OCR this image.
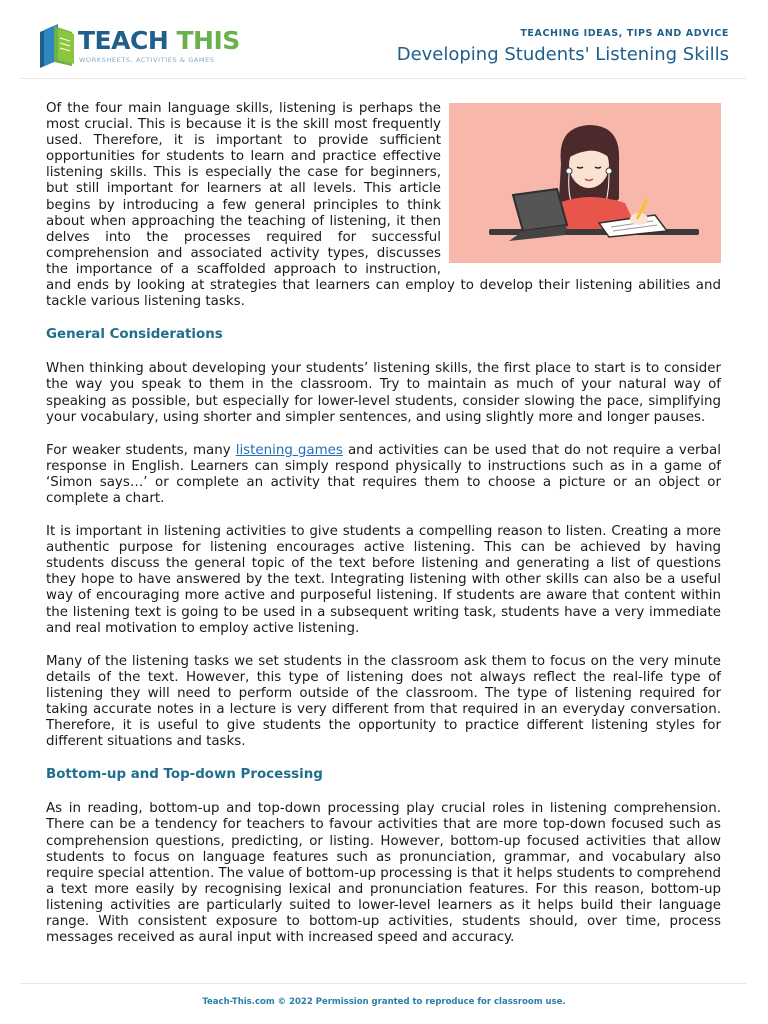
TEACH THIS
WORKSHEETS, ACTIVITIES & GAMES
TEACHING IDEAS, TIPS AND ADVICE
Developing Students' Listening Skills

Of the four main language skills, listening is perhaps the most crucial. This is because it is the skill most frequently used. Therefore, it is important to provide sufficient opportunities for students to learn and practice effective listening skills. This is especially the case for beginners, but still important for learners at all levels. This article begins by introducing a few general principles to think about when approaching the teaching of listening, it then delves into the processes required for successful comprehension and associated activity types, discusses the importance of a scaffolded approach to instruction, and ends by looking at strategies that learners can employ to develop their listening abilities and tackle various listening tasks.

General Considerations

When thinking about developing your students’ listening skills, the first place to start is to consider the way you speak to them in the classroom. Try to maintain as much of your natural way of speaking as possible, but especially for lower-level students, consider slowing the pace, simplifying your vocabulary, using shorter and simpler sentences, and using slightly more and longer pauses.

For weaker students, many listening games and activities can be used that do not require a verbal response in English. Learners can simply respond physically to instructions such as in a game of ‘Simon says…’ or complete an activity that requires them to choose a picture or an object or complete a chart.

It is important in listening activities to give students a compelling reason to listen. Creating a more authentic purpose for listening encourages active listening. This can be achieved by having students discuss the general topic of the text before listening and generating a list of questions they hope to have answered by the text. Integrating listening with other skills can also be a useful way of encouraging more active and purposeful listening. If students are aware that content within the listening text is going to be used in a subsequent writing task, students have a very immediate and real motivation to employ active listening.

Many of the listening tasks we set students in the classroom ask them to focus on the very minute details of the text. However, this type of listening does not always reflect the real-life type of listening they will need to perform outside of the classroom. The type of listening required for taking accurate notes in a lecture is very different from that required in an everyday conversation. Therefore, it is useful to give students the opportunity to practice different listening styles for different situations and tasks.

Bottom-up and Top-down Processing

As in reading, bottom-up and top-down processing play crucial roles in listening comprehension. There can be a tendency for teachers to favour activities that are more top-down focused such as comprehension questions, predicting, or listing. However, bottom-up focused activities that allow students to focus on language features such as pronunciation, grammar, and vocabulary also require special attention. The value of bottom-up processing is that it helps students to comprehend a text more easily by recognising lexical and pronunciation features. For this reason, bottom-up listening activities are particularly suited to lower-level learners as it helps build their language range. With consistent exposure to bottom-up activities, students should, over time, process messages received as aural input with increased speed and accuracy.

Teach-This.com © 2022 Permission granted to reproduce for classroom use.
